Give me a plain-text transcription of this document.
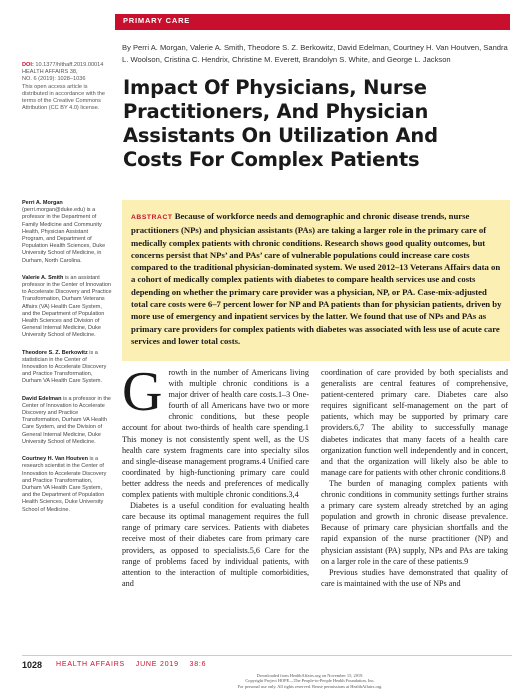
PRIMARY CARE
By Perri A. Morgan, Valerie A. Smith, Theodore S. Z. Berkowitz, David Edelman, Courtney H. Van Houtven, Sandra L. Woolson, Cristina C. Hendrix, Christine M. Everett, Brandolyn S. White, and George L. Jackson
DOI: 10.1377/hlthaff.2019.00014
HEALTH AFFAIRS 38,
NO. 6 (2019): 1028–1036
This open access article is distributed in accordance with the terms of the Creative Commons Attribution (CC BY 4.0) license.
Impact Of Physicians, Nurse Practitioners, And Physician Assistants On Utilization And Costs For Complex Patients
ABSTRACT Because of workforce needs and demographic and chronic disease trends, nurse practitioners (NPs) and physician assistants (PAs) are taking a larger role in the primary care of medically complex patients with chronic conditions. Research shows good quality outcomes, but concerns persist that NPs’ and PAs’ care of vulnerable populations could increase care costs compared to the traditional physician-dominated system. We used 2012–13 Veterans Affairs data on a cohort of medically complex patients with diabetes to compare health services use and costs depending on whether the primary care provider was a physician, NP, or PA. Case-mix-adjusted total care costs were 6–7 percent lower for NP and PA patients than for physician patients, driven by more use of emergency and inpatient services by the latter. We found that use of NPs and PAs as primary care providers for complex patients with diabetes was associated with less use of acute care services and lower total costs.
Perri A. Morgan (perri.morgan@duke.edu) is a professor in the Department of Family Medicine and Community Health, Physician Assistant Program, and Department of Population Health Sciences, Duke University School of Medicine, in Durham, North Carolina.
Valerie A. Smith is an assistant professor in the Center of Innovation to Accelerate Discovery and Practice Transformation, Durham Veterans Affairs (VA) Health Care System, and the Department of Population Health Sciences and Division of General Internal Medicine, Duke University School of Medicine.
Theodore S. Z. Berkowitz is a statistician in the Center of Innovation to Accelerate Discovery and Practice Transformation, Durham VA Health Care System.
David Edelman is a professor in the Center of Innovation to Accelerate Discovery and Practice Transformation, Durham VA Health Care System, and the Division of General Internal Medicine, Duke University School of Medicine.
Courtney H. Van Houtven is a research scientist in the Center of Innovation to Accelerate Discovery and Practice Transformation, Durham VA Health Care System, and the Department of Population Health Sciences, Duke University School of Medicine.
G rowth in the number of Americans living with multiple chronic conditions is a major driver of health care costs.1–3 One-fourth of all Americans have two or more chronic conditions, but these people account for about two-thirds of health care spending.1 This money is not consistently spent well, as the US health care system fragments care into specialty silos and single-disease management programs.4 Unified care coordinated by high-functioning primary care could better address the needs and preferences of medically complex patients with multiple chronic conditions.3,4

Diabetes is a useful condition for evaluating health care because its optimal management requires the full range of primary care services. Patients with diabetes receive most of their diabetes care from primary care providers, as opposed to specialists.5,6 Care for the range of problems faced by individual patients, with attention to the interaction of multiple comorbidities, and

coordination of care provided by both specialists and generalists are central features of comprehensive, patient-centered primary care. Diabetes care also requires significant self-management on the part of patients, which may be supported by primary care providers.6,7 The ability to successfully manage diabetes indicates that many facets of a health care organization function well independently and in concert, and that the organization will likely also be able to manage care for patients with other chronic conditions.8

The burden of managing complex patients with chronic conditions in community settings further strains a primary care system already stretched by an aging population and growth in chronic disease prevalence. Because of primary care physician shortfalls and the rapid expansion of the nurse practitioner (NP) and physician assistant (PA) supply, NPs and PAs are taking on a larger role in the care of these patients.9

Previous studies have demonstrated that quality of care is maintained with the use of NPs and

1028 HEALTH AFFAIRS JUNE 2019 38:6
Downloaded from HealthAffairs.org on November 15, 2019.
Copyright Project HOPE—The People-to-People Health Foundation, Inc.
For personal use only. All rights reserved. Reuse permissions at HealthAffairs.org.
